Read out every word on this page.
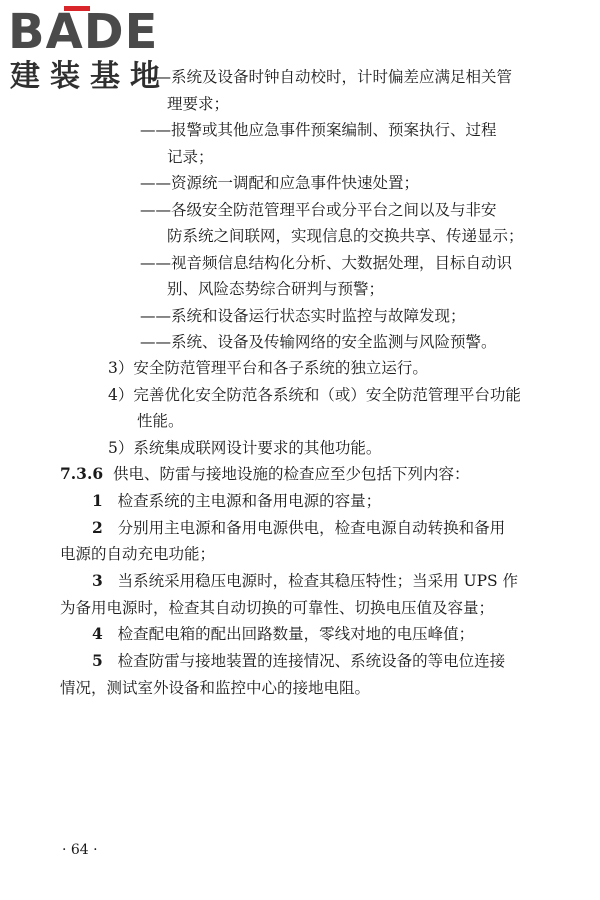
BADE
建装基地
——系统及设备时钟自动校时，计时偏差应满足相关管
理要求；
——报警或其他应急事件预案编制、预案执行、过程
记录；
——资源统一调配和应急事件快速处置；
——各级安全防范管理平台或分平台之间以及与非安
防系统之间联网，实现信息的交换共享、传递显示；
——视音频信息结构化分析、大数据处理，目标自动识
别、风险态势综合研判与预警；
——系统和设备运行状态实时监控与故障发现；
——系统、设备及传输网络的安全监测与风险预警。
3）安全防范管理平台和各子系统的独立运行。
4）完善优化安全防范各系统和（或）安全防范管理平台功能
性能。
5）系统集成联网设计要求的其他功能。
7.3.6 供电、防雷与接地设施的检查应至少包括下列内容：
1 检查系统的主电源和备用电源的容量；
2 分别用主电源和备用电源供电，检查电源自动转换和备用
电源的自动充电功能；
3 当系统采用稳压电源时，检查其稳压特性；当采用 UPS 作
为备用电源时，检查其自动切换的可靠性、切换电压值及容量；
4 检查配电箱的配出回路数量，零线对地的电压峰值；
5 检查防雷与接地装置的连接情况、系统设备的等电位连接
情况，测试室外设备和监控中心的接地电阻。
· 64 ·
